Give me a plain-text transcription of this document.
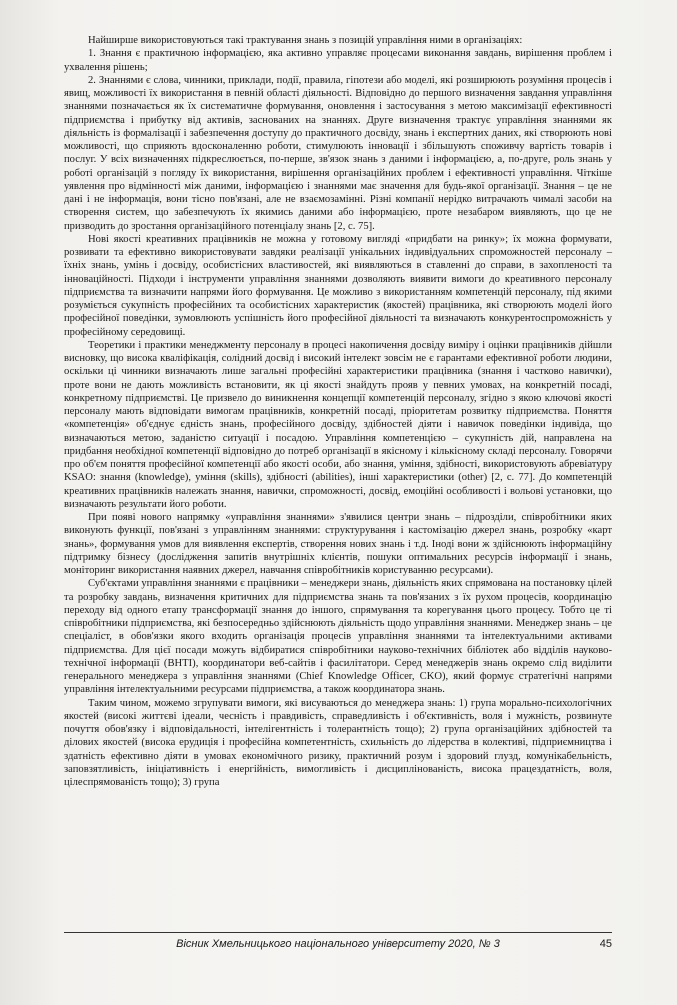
Найширше використовуються такі трактування знань з позицій управління ними в організаціях:

1. Знання є практичною інформацією, яка активно управляє процесами виконання завдань, вирішення проблем і ухвалення рішень;

2. Знаннями є слова, чинники, приклади, події, правила, гіпотези або моделі, які розширюють розуміння процесів і явищ, можливості їх використання в певній області діяльності. Відповідно до першого визначення завдання управління знаннями позначається як їх систематичне формування, оновлення і застосування з метою максимізації ефективності підприємства і прибутку від активів, заснованих на знаннях. Друге визначення трактує управління знаннями як діяльність із формалізації і забезпечення доступу до практичного досвіду, знань і експертних даних, які створюють нові можливості, що сприяють вдосконаленню роботи, стимулюють інновації і збільшують споживчу вартість товарів і послуг. У всіх визначеннях підкреслюється, по-перше, зв'язок знань з даними і інформацією, а, по-друге, роль знань у роботі організацій з погляду їх використання, вирішення організаційних проблем і ефективності управління. Чіткіше уявлення про відмінності між даними, інформацією і знаннями має значення для будь-якої організації. Знання – це не дані і не інформація, вони тісно пов'язані, але не взаємозамінні. Різні компанії нерідко витрачають чималі засоби на створення систем, що забезпечують їх якимись даними або інформацією, проте незабаром виявляють, що це не призводить до зростання організаційного потенціалу знань [2, с. 75].

Нові якості креативних працівників не можна у готовому вигляді «придбати на ринку»; їх можна формувати, розвивати та ефективно використовувати завдяки реалізації унікальних індивідуальних спроможностей персоналу – їхніх знань, умінь і досвіду, особистісних властивостей, які виявляються в ставленні до справи, в захопленості та інноваційності. Підходи і інструменти управління знаннями дозволяють виявити вимоги до креативного персоналу підприємства та визначити напрями його формування. Це можливо з використанням компетенцій персоналу, під якими розуміється сукупність професійних та особистісних характеристик (якостей) працівника, які створюють моделі його професійної поведінки, зумовлюють успішність його професійної діяльності та визначають конкурентоспроможність у професійному середовищі.

Теоретики і практики менеджменту персоналу в процесі накопичення досвіду виміру і оцінки працівників дійшли висновку, що висока кваліфікація, солідний досвід і високий інтелект зовсім не є гарантами ефективної роботи людини, оскільки ці чинники визначають лише загальні професійні характеристики працівника (знання і частково навички), проте вони не дають можливість встановити, як ці якості знайдуть прояв у певних умовах, на конкретній посаді, конкретному підприємстві. Це призвело до виникнення концепції компетенцій персоналу, згідно з якою ключові якості персоналу мають відповідати вимогам працівників, конкретній посаді, пріоритетам розвитку підприємства. Поняття «компетенція» об'єднує єдність знань, професійного досвіду, здібностей діяти і навичок поведінки індивіда, що визначаються метою, заданістю ситуації і посадою. Управління компетенцією – сукупність дій, направлена на придбання необхідної компетенції відповідно до потреб організації в якісному і кількісному складі персоналу. Говорячи про об'єм поняття професійної компетенції або якості особи, або знання, уміння, здібності, використовують абревіатуру KSAO: знання (knowledge), уміння (skills), здібності (abilities), інші характеристики (other) [2, с. 77]. До компетенцій креативних працівників належать знання, навички, спроможності, досвід, емоційні особливості і вольові установки, що визначають результати його роботи.

При появі нового напрямку «управління знаннями» з'явилися центри знань – підрозділи, співробітники яких виконують функції, пов'язані з управлінням знаннями: структурування і кастомізацію джерел знань, розробку «карт знань», формування умов для виявлення експертів, створення нових знань і т.д. Іноді вони ж здійснюють інформаційну підтримку бізнесу (дослідження запитів внутрішніх клієнтів, пошуки оптимальних ресурсів інформації і знань, моніторинг використання наявних джерел, навчання співробітників користуванню ресурсами).

Суб'єктами управління знаннями є працівники – менеджери знань, діяльність яких спрямована на постановку цілей та розробку завдань, визначення критичних для підприємства знань та пов'язаних з їх рухом процесів, координацію переходу від одного етапу трансформації знання до іншого, спрямування та корегування цього процесу. Тобто це ті співробітники підприємства, які безпосередньо здійснюють діяльність щодо управління знаннями. Менеджер знань – це спеціаліст, в обов'язки якого входить організація процесів управління знаннями та інтелектуальними активами підприємства. Для цієї посади можуть відбиратися співробітники науково-технічних бібліотек або відділів науково-технічної інформації (ВНТІ), координатори веб-сайтів і фасилітатори. Серед менеджерів знань окремо слід виділити генерального менеджера з управління знаннями (Chief Knowledge Officer, CKO), який формує стратегічні напрями управління інтелектуальними ресурсами підприємства, а також координатора знань.

Таким чином, можемо згрупувати вимоги, які висуваються до менеджера знань: 1) група морально-психологічних якостей (високі життєві ідеали, чесність і правдивість, справедливість і об'єктивність, воля і мужність, розвинуте почуття обов'язку і відповідальності, інтелігентність і толерантність тощо); 2) група організаційних здібностей та ділових якостей (висока ерудиція і професійна компетентність, схильність до лідерства в колективі, підприємництва і здатність ефективно діяти в умовах економічного ризику, практичний розум і здоровий глузд, комунікабельність, заповзятливість, ініціативність і енергійність, вимогливість і дисциплінованість, висока працездатність, воля, цілеспрямованість тощо); 3) група

Вісник Хмельницького національного університету 2020, № 3	45
